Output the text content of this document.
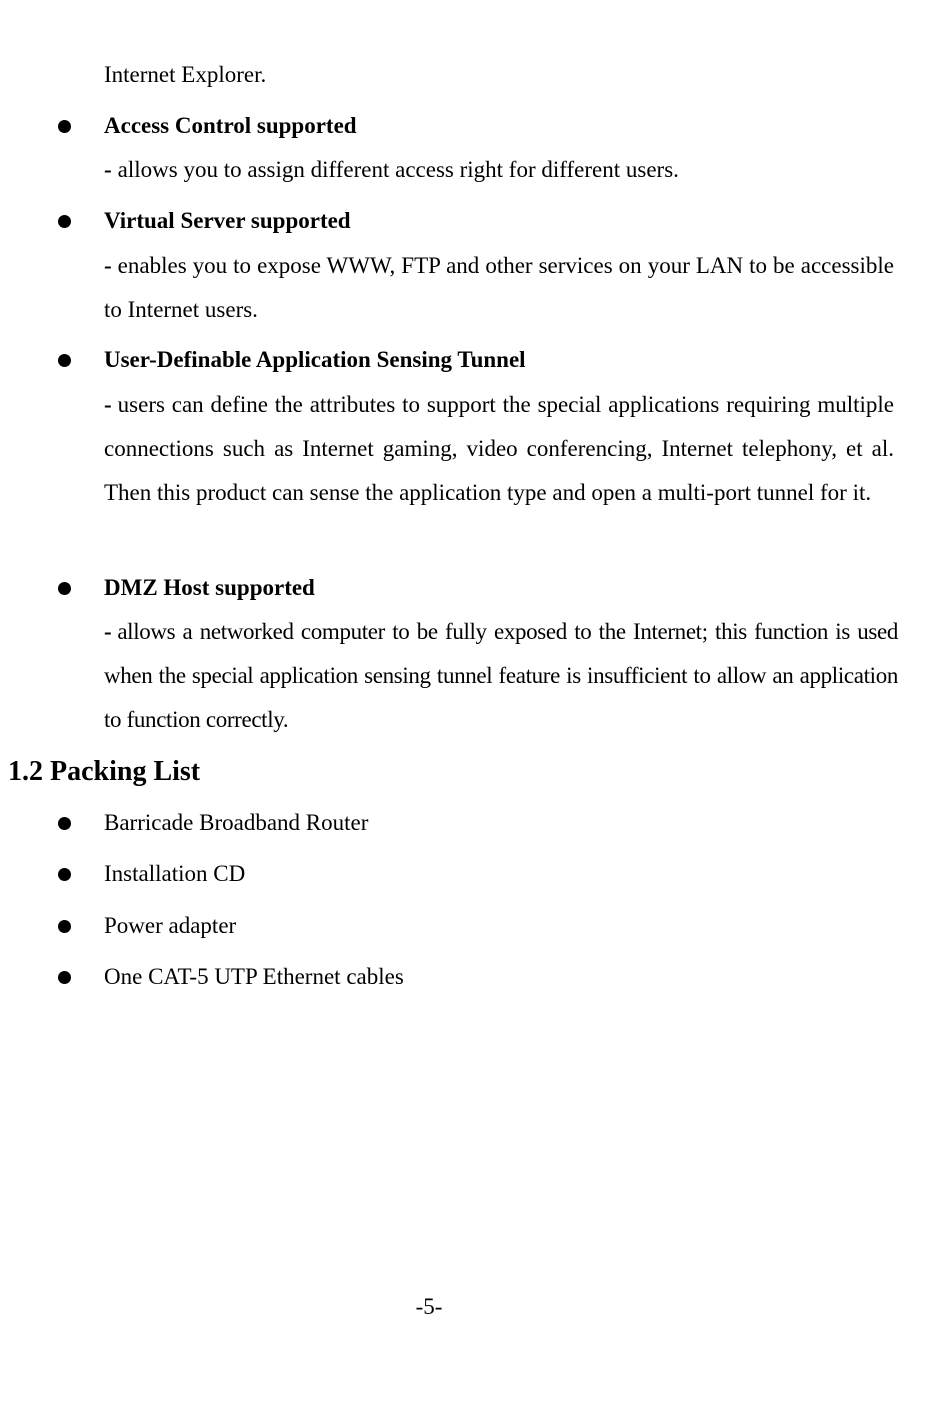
Internet Explorer.
Access Control supported
- allows you to assign different access right for different users.
Virtual Server supported
- enables you to expose WWW, FTP and other services on your LAN to be accessible to Internet users.
User-Definable Application Sensing Tunnel
- users can define the attributes to support the special applications requiring multiple connections such as Internet gaming, video conferencing, Internet telephony, et al. Then this product can sense the application type and open a multi-port tunnel for it.
DMZ Host supported
- allows a networked computer to be fully exposed to the Internet; this function is used when the special application sensing tunnel feature is insufficient to allow an application to function correctly.
1.2 Packing List
Barricade Broadband Router
Installation CD
Power adapter
One CAT-5 UTP Ethernet cables
-5-
